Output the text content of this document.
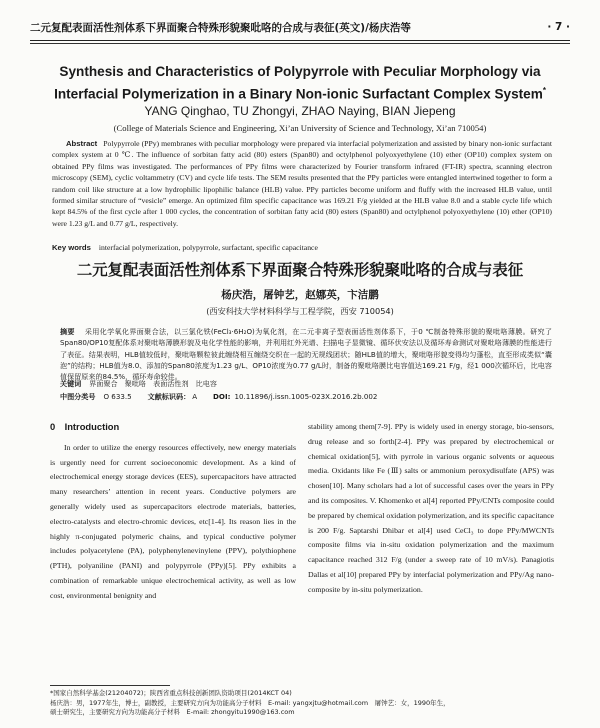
二元复配表面活性剂体系下界面聚合特殊形貌聚吡咯的合成与表征(英文)/杨庆浩等	· 7 ·
Synthesis and Characteristics of Polypyrrole with Peculiar Morphology via
Interfacial Polymerization in a Binary Non-ionic Surfactant Complex System*
YANG Qinghao, TU Zhongyi, ZHAO Naying, BIAN Jiepeng
(College of Materials Science and Engineering, Xi’an University of Science and Technology, Xi’an 710054)
Abstract Polypyrrole (PPy) membranes with peculiar morphology were prepared via interfacial polymerization and assisted by binary non-ionic surfactant complex system at 0 ℃. The influence of sorbitan fatty acid (80) esters (Span80) and octylphenol polyoxyethylene (10) ether (OP10) complex system on obtained PPy films was investigated. The performances of PPy films were characterized by Fourier transform infrared (FT-IR) spectra, scanning electron microscopy (SEM), cyclic voltammetry (CV) and cycle life tests. The SEM results presented that the PPy particles were entangled intertwined together to form a random coil like structure at a low hydrophilic lipophilic balance (HLB) value. PPy particles become uniform and fluffy with the increased HLB value, until formed similar structure of “vesicle” emerge. An optimized film specific capacitance was 169.21 F/g yielded at the HLB value 8.0 and a stable cycle life which kept 84.5% of the first cycle after 1 000 cycles, the concentration of sorbitan fatty acid (80) esters (Span80) and octylphenol polyoxyethylene (10) ether (OP10) were 1.23 g/L and 0.77 g/L, respectively.
Key words interfacial polymerization, polypyrrole, surfactant, specific capacitance
二元复配表面活性剂体系下界面聚合特殊形貌聚吡咯的合成与表征
杨庆浩，屠钟艺，赵娜英，卞洁鹏
(西安科技大学材料科学与工程学院，西安 710054)
摘要 采用化学氧化界面聚合法，以三氯化铁(FeCl₃·6H₂O)为氧化剂，在二元非离子型表面活性剂体系下，于0 ℃制备特殊形貌的聚吡咯薄膜。研究了Span80/OP10复配体系对聚吡咯薄膜形貌及电化学性能的影响，并利用红外光谱、扫描电子显微镜、循环伏安法以及循环寿命测试对聚吡咯薄膜的性能进行了表征。结果表明，HLB值较低时，聚吡咯颗粒彼此缠绕相互缠绕交织在一起的无规线团状；随HLB值的增大，聚吡咯形貌变得均匀蓬松，直至形成类似“囊泡”的结构；HLB值为8.0、添加的Span80浓度为1.23 g/L、OP10浓度为0.77 g/L时，制备的聚吡咯膜比电容值达169.21 F/g，经1 000次循环后，比电容值保留原来的84.5%，循环寿命较佳。
关键词 界面聚合　聚吡咯　表面活性剂　比电容
中图分类号 O 633.5 文献标识码： A DOI: 10.11896/j.issn.1005-023X.2016.2b.002
0　Introduction

In order to utilize the energy resources effectively, new energy materials is urgently need for current socioeconomic development. As a kind of electrochemical energy storage devices (EES), supercapacitors have attracted many researchers’ attention in recent years. Conductive polymers are generally widely used as supercapacitors electrode materials, batteries, electro-catalysts and electro-chromic devices, etc[1-4]. Its reason lies in the highly π-conjugated polymeric chains, and typical conductive polymer includes polyacetylene (PA), polyphenylenevinylene (PPV), polythiophene (PTH), polyaniline (PANI) and polypyrrole (PPy)[5]. PPy exhibits a combination of remarkable unique electrochemical activity, as well as low cost, environmental benignity and

stability among them[7-9]. PPy is widely used in energy storage, bio-sensors, drug release and so forth[2-4]. PPy was prepared by electrochemical or chemical oxidation[5], with pyrrole in various organic solvents or aqueous media. Oxidants like Fe (Ⅲ) salts or ammonium peroxydisulfate (APS) was chosen[10]. Many scholars had a lot of successful cases over the years in PPy and its composites. V. Khomenko et al[4] reported PPy/CNTs composite could be prepared by chemical oxidation polymerization, and its specific capacitance is 200 F/g. Saptarshi Dhibar et al[4] used CeCl₃ to dope PPy/MWCNTs composite films via in-situ oxidation polymerization and the maximum capacitance reached 312 F/g (under a sweep rate of 10 mV/s). Panagiotis Dallas et al[10] prepared PPy by interfacial polymerization and PPy/Ag nano-composite by in-situ polymerization.

*国家自然科学基金(21204072)；陕西省重点科技创新团队资助项目(2014KCT 04)
杨庆浩：男，1977年生，博士，副教授，主要研究方向为功能高分子材料　E-mail: yangxjtu@hotmail.com　屠钟艺：女，1990年生，
硕士研究生，主要研究方向为功能高分子材料　E-mail: zhongyitu1990@163.com
